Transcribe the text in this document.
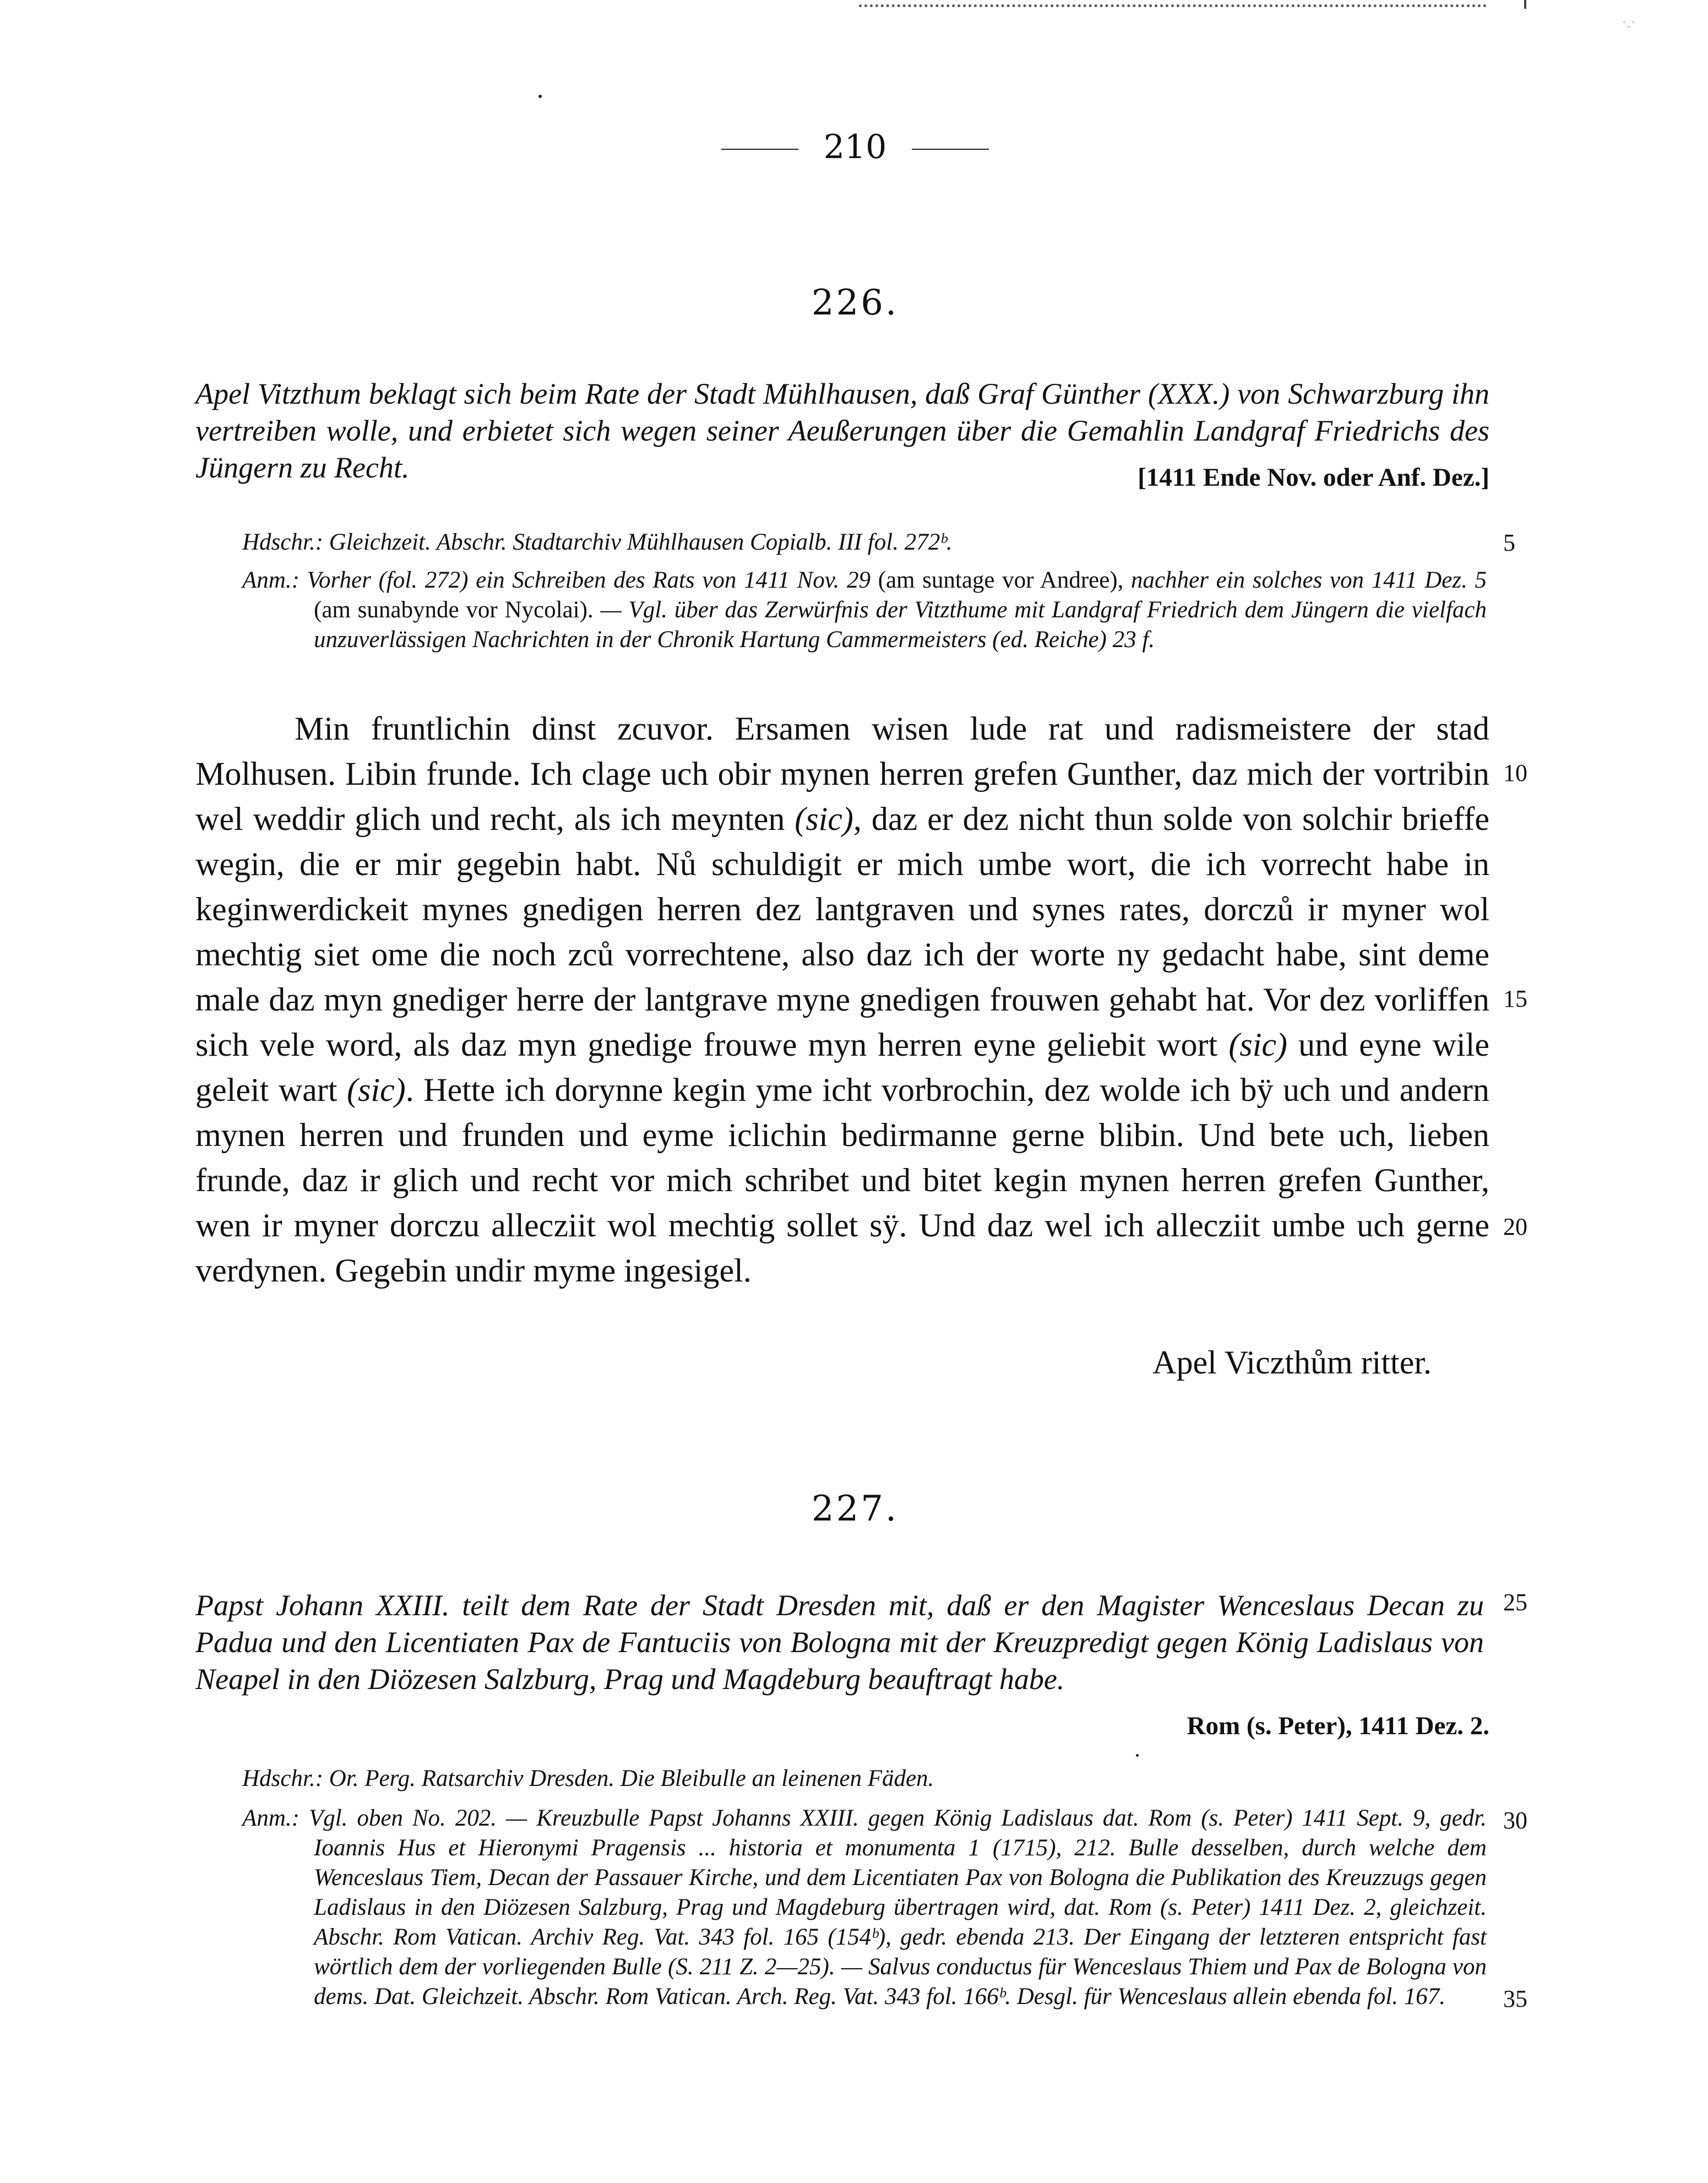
·.·
210
226.
Apel Vitzthum beklagt sich beim Rate der Stadt Mühlhausen, daß Graf Günther (XXX.) von Schwarzburg ihn vertreiben wolle, und erbietet sich wegen seiner Aeußerungen über die Gemahlin Landgraf Friedrichs des Jüngern zu Recht.	[1411 Ende Nov. oder Anf. Dez.]

Hdschr.: Gleichzeit. Abschr. Stadtarchiv Mühlhausen Copialb. III fol. 272ᵇ.

Anm.: Vorher (fol. 272) ein Schreiben des Rats von 1411 Nov. 29 (am suntage vor Andree), nachher ein solches von 1411 Dez. 5 (am sunabynde vor Nycolai). — Vgl. über das Zerwürfnis der Vitzthume mit Landgraf Friedrich dem Jüngern die vielfach unzuverlässigen Nachrichten in der Chronik Hartung Cammermeisters (ed. Reiche) 23 f.

Min fruntlichin dinst zcuvor. Ersamen wisen lude rat und radismeistere der stad Molhusen. Libin frunde. Ich clage uch obir mynen herren grefen Gunther, daz mich der vortribin wel weddir glich und recht, als ich meynten (sic), daz er dez nicht thun solde von solchir brieffe wegin, die er mir gegebin habt. Nů schuldigit er mich umbe wort, die ich vorrecht habe in keginwerdickeit mynes gnedigen herren dez lantgraven und synes rates, dorczů ir myner wol mechtig siet ome die noch zců vorrechtene, also daz ich der worte ny gedacht habe, sint deme male daz myn gnediger herre der lantgrave myne gnedigen frouwen gehabt hat. Vor dez vorliffen sich vele word, als daz myn gnedige frouwe myn herren eyne geliebit wort (sic) und eyne wile geleit wart (sic). Hette ich dorynne kegin yme icht vorbrochin, dez wolde ich bÿ uch und andern mynen herren und frunden und eyme iclichin bedirmanne gerne blibin. Und bete uch, lieben frunde, daz ir glich und recht vor mich schribet und bitet kegin mynen herren grefen Gunther, wen ir myner dorczu allecziit wol mechtig sollet sÿ. Und daz wel ich allecziit umbe uch gerne verdynen. Gegebin undir myme ingesigel.
Apel Viczthům ritter.
227.
Papst Johann XXIII. teilt dem Rate der Stadt Dresden mit, daß er den Magister Wenceslaus Decan zu Padua und den Licentiaten Pax de Fantuciis von Bologna mit der Kreuzpredigt gegen König Ladislaus von Neapel in den Diözesen Salzburg, Prag und Magdeburg beauftragt habe.
Rom (s. Peter), 1411 Dez. 2.

Hdschr.: Or. Perg. Ratsarchiv Dresden. Die Bleibulle an leinenen Fäden.

Anm.: Vgl. oben No. 202. — Kreuzbulle Papst Johanns XXIII. gegen König Ladislaus dat. Rom (s. Peter) 1411 Sept. 9, gedr. Ioannis Hus et Hieronymi Pragensis ... historia et monumenta 1 (1715), 212. Bulle desselben, durch welche dem Wenceslaus Tiem, Decan der Passauer Kirche, und dem Licentiaten Pax von Bologna die Publikation des Kreuzzugs gegen Ladislaus in den Diözesen Salzburg, Prag und Magdeburg übertragen wird, dat. Rom (s. Peter) 1411 Dez. 2, gleichzeit. Abschr. Rom Vatican. Archiv Reg. Vat. 343 fol. 165 (154ᵇ), gedr. ebenda 213. Der Eingang der letzteren entspricht fast wörtlich dem der vorliegenden Bulle (S. 211 Z. 2—25). — Salvus conductus für Wenceslaus Thiem und Pax de Bologna von dems. Dat. Gleichzeit. Abschr. Rom Vatican. Arch. Reg. Vat. 343 fol. 166ᵇ. Desgl. für Wenceslaus allein ebenda fol. 167.

5
10
15
20
25
30
35
